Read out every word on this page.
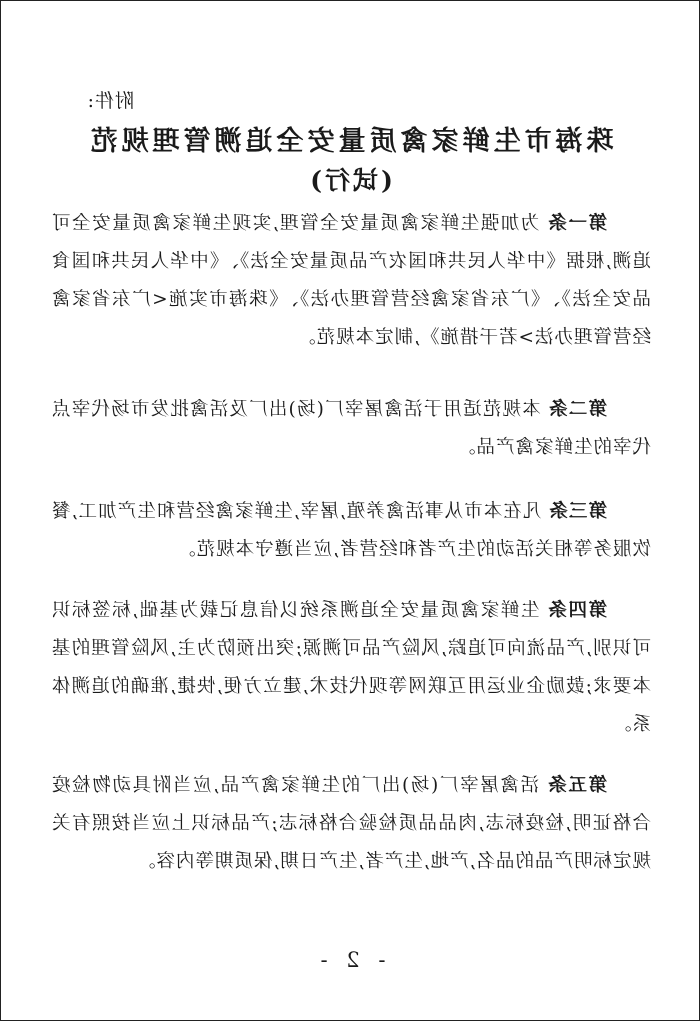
附件:
珠海市生鲜家禽质量安全追溯管理规范
(试行)

第一条 为加强生鲜家禽质量安全管理,实现生鲜家禽质量安全可追溯,根据《中华人民共和国农产品质量安全法》、《中华人民共和国食品安全法》、《广东省家禽经营管理办法》、《珠海市实施<广东省家禽经营管理办法>若干措施》,制定本规范。

第二条 本规范适用于活禽屠宰厂(场)出厂及活禽批发市场代宰点代宰的生鲜家禽产品。

第三条 凡在本市从事活禽养殖,屠宰,生鲜家禽经营和生产加工,餐饮服务等相关活动的生产者和经营者,应当遵守本规范。

第四条 生鲜家禽质量安全追溯系统以信息记载为基础,标签标识可识别,产品流向可追踪,风险产品可溯源;突出预防为主,风险管理的基本要求;鼓励企业运用互联网等现代技术,建立方便,快捷,准确的追溯体系。

第五条 活禽屠宰厂(场)出厂的生鲜家禽产品,应当附具动物检疫合格证明,检疫标志,肉品品质检验合格标志;产品标识上应当按照有关规定标明产品的品名,产地,生产者,生产日期,保质期等内容。

- 2 -
